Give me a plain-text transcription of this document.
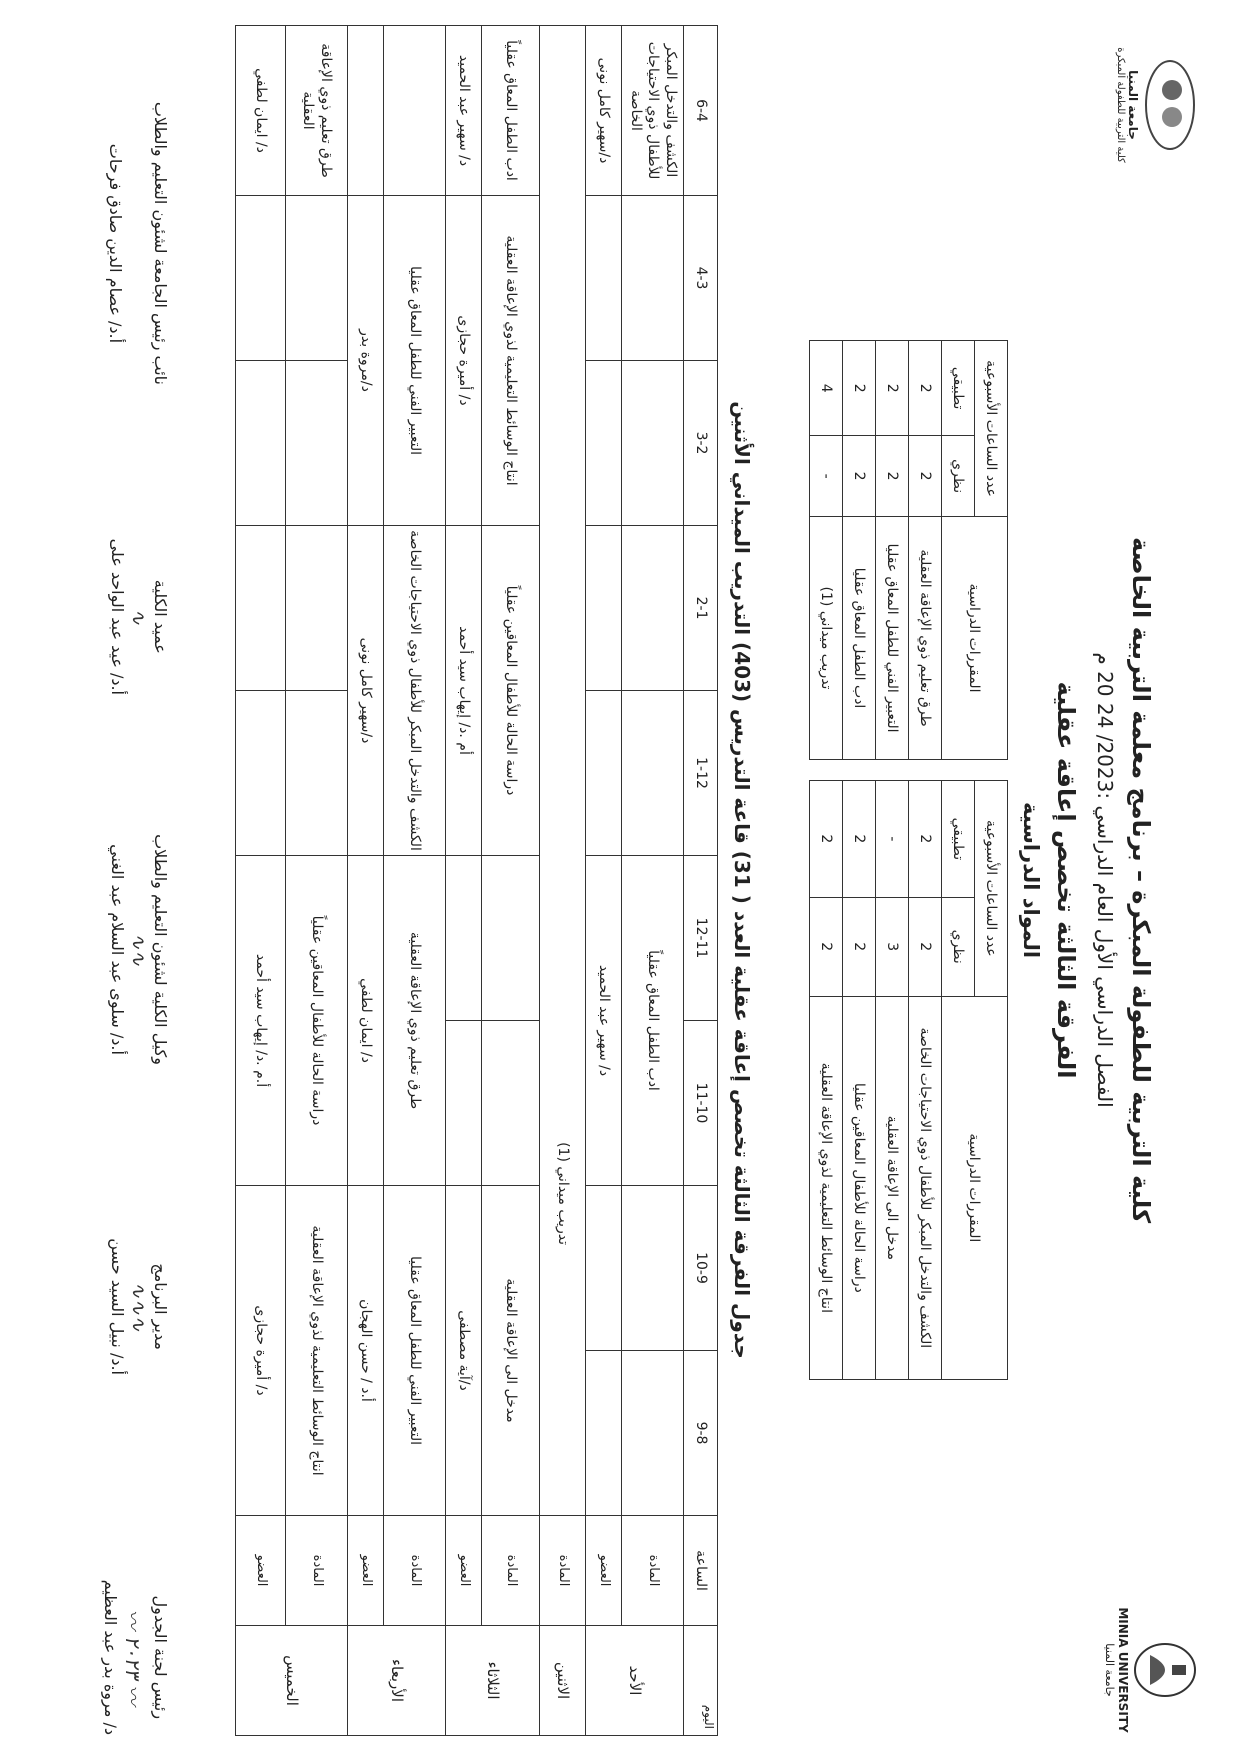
MINIA UNIVERSITY
جامعة المنيا
جامعة المنيا
كلية التربية للطفولة المبكرة
كلية التربية للطفولة المبكرة – برنامج معلمة التربية الخاصة
الفصل الدراسي الأول العام الدراسي :2023/ 24 20 م
الفرقة الثالثة تخصص إعاقة عقلية
المواد الدراسية
المقررات الدراسية	عدد الساعات الأسبوعية	
	نظري	تطبيقي
الكشف والتدخل المبكر للأطفال ذوي الاحتياجات الخاصة	2	2
مدخل الى الإعاقة العقلية	3	-
دراسة الحالة للأطفال المعاقين عقليا	2	2
انتاج الوسائط التعليمية لذوي الإعاقة العقلية	2	2
المقررات الدراسية	عدد الساعات الأسبوعية	
	نظري	تطبيقي
طرق تعليم ذوي الإعاقة العقلية	2	2
التعبير الفني للطفل المعاق عقليا	2	2
ادب الطفل المعاق عقليا	2	2
تدريب ميداني (1)	-	4
جدول الفرقة الثالثة تخصص إعاقة عقلية العدد ( 31) قاعة التدريس (403) التدريب الميداني الأثنين
اليوم	الساعة	9-8	10-9	11-10	12-11	1-12	2-1	3-2	4-3	6-4
الأحد	المادة			ادب الطفل المعاق عقلياً						الكشف والتدخل المبكر للأطفال ذوي الاحتياجات الخاصة
	العضو			د/ سهير عبد الحميد						د/سهير كامل نونى
الاثنين	المادة	تدريب ميداني (1)								
الثلاثاء	المادة	مدخل الى الإعاقة العقلية				دراسة الحالة للأطفال المعاقين عقلياً		انتاج الوسائط التعليمية لذوي الإعاقة العقلية		ادب الطفل المعاق عقلياً
	العضو	د/آية مصطفى				أم .د/ إيهاب سيد أحمد		د/ أميرة حجازى		د/ سهير عبد الحميد
الأربعاء	المادة	التعبير الفني للطفل المعاق عقليا		طرق تعليم ذوي الإعاقة العقلية		الكشف والتدخل المبكر للأطفال ذوي الاحتياجات الخاصة		التعبير الفني للطفل المعاق عقليا		
	العضو	أ.د / حسن الهجان		د/ ايمان لطفي		د/سهير كامل نونى		د/مروة بدر		
الخميس	المادة	انتاج الوسائط التعليمية لذوي الإعاقة العقلية		دراسة الحالة للأطفال المعاقين عقلياً						طرق تعليم ذوي الإعاقة العقلية
	العضو	د/ أميرة حجازى		أ.م .د/ إيهاب سيد أحمد						د/ ايمان لطفي
رئيس لجنة الجدول
〰 ٢٠٢٣ 〰
د/ مروة بدر عبد العظيم
مدير البرنامج
∿∿∿
أ.د/ نبيل السيد حسن
وكيل الكلية لشئون التعليم والطلاب
∿∿
أ.د/ سلوى عبد السلام عبد الغني
عميد الكلية
∿
أ.د/ عيد عبد الواحد على
نائب رئيس الجامعة لشئون التعليم والطلاب
أ.د/ عصام الدين صادق فرحات
